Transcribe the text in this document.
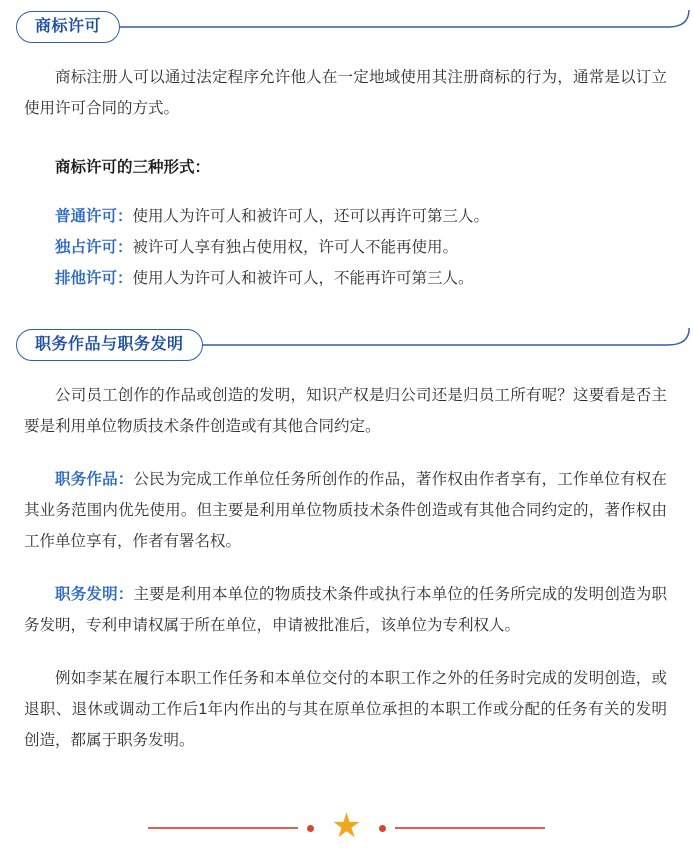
商标许可

商标注册人可以通过法定程序允许他人在一定地域使用其注册商标的行为，通常是以订立使用许可合同的方式。

商标许可的三种形式：

普通许可：使用人为许可人和被许可人，还可以再许可第三人。

独占许可：被许可人享有独占使用权，许可人不能再使用。

排他许可：使用人为许可人和被许可人，不能再许可第三人。

职务作品与职务发明

公司员工创作的作品或创造的发明，知识产权是归公司还是归员工所有呢？这要看是否主要是利用单位物质技术条件创造或有其他合同约定。

职务作品：公民为完成工作单位任务所创作的作品，著作权由作者享有，工作单位有权在其业务范围内优先使用。但主要是利用单位物质技术条件创造或有其他合同约定的，著作权由工作单位享有，作者有署名权。

职务发明：主要是利用本单位的物质技术条件或执行本单位的任务所完成的发明创造为职务发明，专利申请权属于所在单位，申请被批准后，该单位为专利权人。

例如李某在履行本职工作任务和本单位交付的本职工作之外的任务时完成的发明创造，或退职、退休或调动工作后1年内作出的与其在原单位承担的本职工作或分配的任务有关的发明创造，都属于职务发明。

★
